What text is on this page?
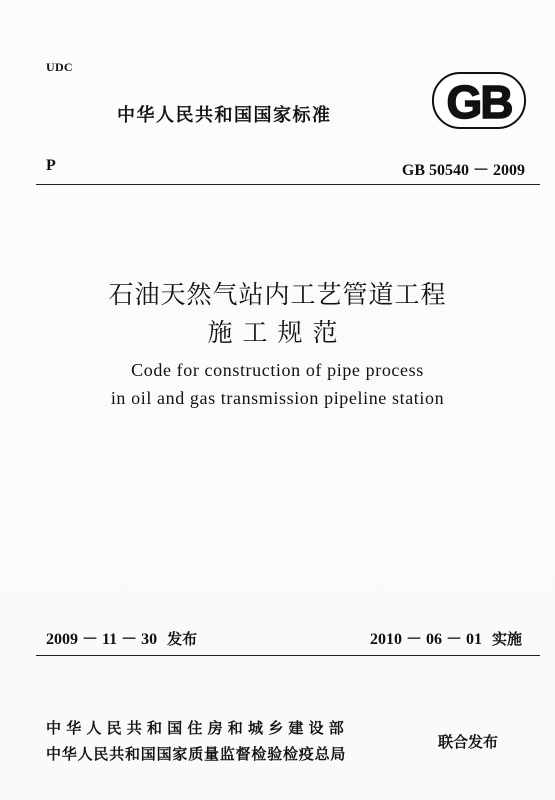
UDC
中华人民共和国国家标准	GB
P	GB 50540 － 2009
石油天然气站内工艺管道工程
施工规范
Code for construction of pipe process
in oil and gas transmission pipeline station
2009 － 11 － 30 发布	2010 － 06 － 01 实施
中华人民共和国住房和城乡建设部
中华人民共和国国家质量监督检验检疫总局
联合发布
